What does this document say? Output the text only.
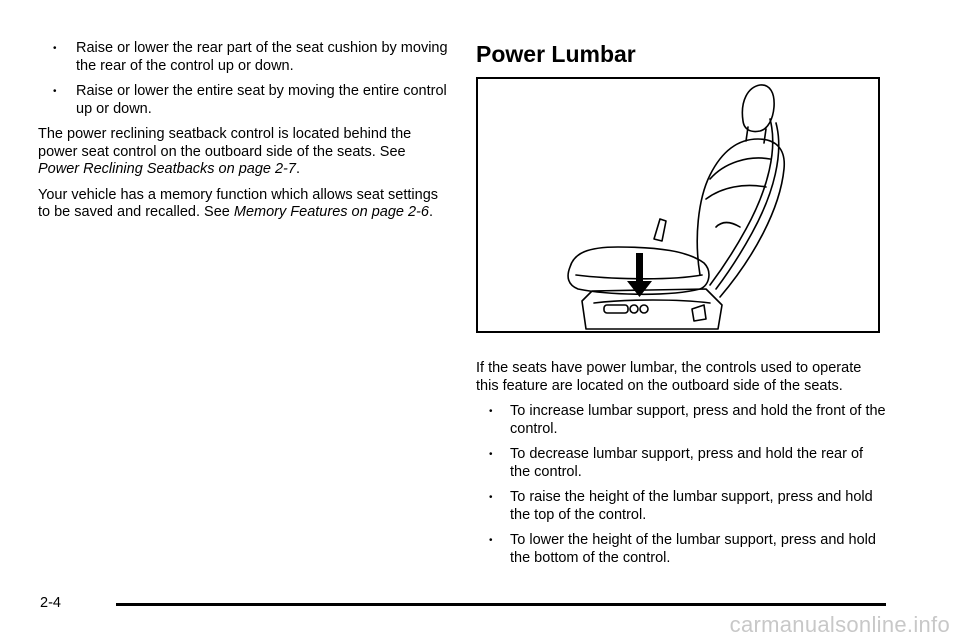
• Raise or lower the rear part of the seat cushion by moving the rear of the control up or down.
• Raise or lower the entire seat by moving the entire control up or down.

The power reclining seatback control is located behind the power seat control on the outboard side of the seats. See Power Reclining Seatbacks on page 2-7.

Your vehicle has a memory function which allows seat settings to be saved and recalled. See Memory Features on page 2-6.

Power Lumbar

If the seats have power lumbar, the controls used to operate this feature are located on the outboard side of the seats.

• To increase lumbar support, press and hold the front of the control.
• To decrease lumbar support, press and hold the rear of the control.
• To raise the height of the lumbar support, press and hold the top of the control.
• To lower the height of the lumbar support, press and hold the bottom of the control.
2-4
carmanualsonline.info
